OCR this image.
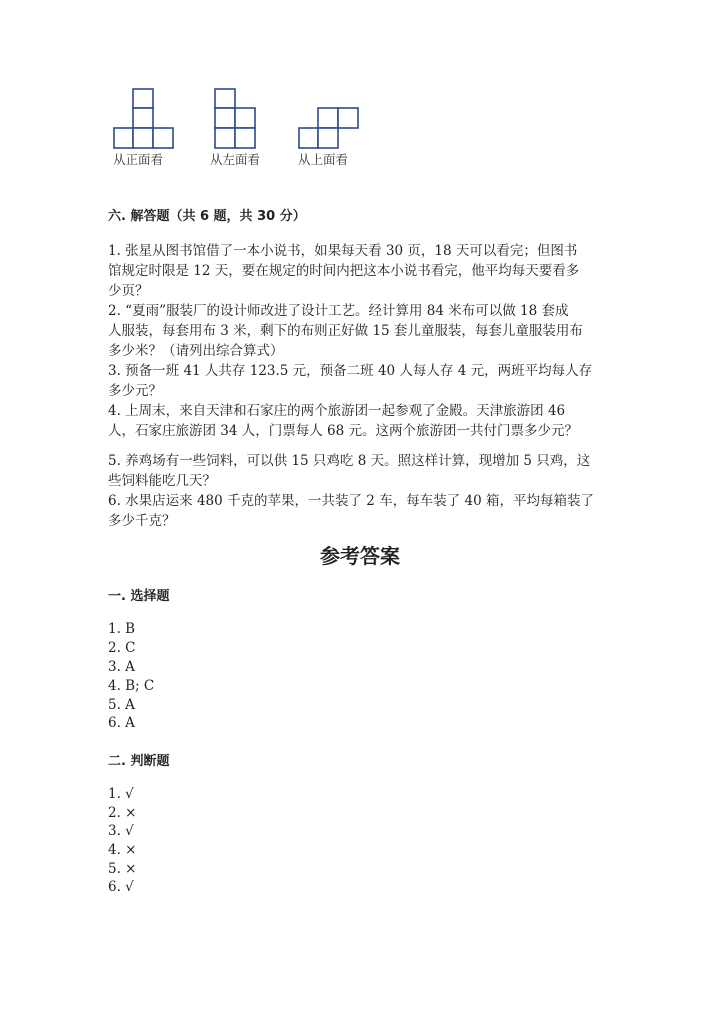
从正面看	从左面看	从上面看
六. 解答题（共 6 题，共 30 分）
1. 张星从图书馆借了一本小说书，如果每天看 30 页，18 天可以看完；但图书
馆规定时限是 12 天，要在规定的时间内把这本小说书看完，他平均每天要看多
少页？
2. “夏雨”服装厂的设计师改进了设计工艺。经计算用 84 米布可以做 18 套成
人服装，每套用布 3 米，剩下的布则正好做 15 套儿童服装，每套儿童服装用布
多少米？（请列出综合算式）
3. 预备一班 41 人共存 123.5 元，预备二班 40 人每人存 4 元，两班平均每人存
多少元？
4. 上周末，来自天津和石家庄的两个旅游团一起参观了金殿。天津旅游团 46
人，石家庄旅游团 34 人，门票每人 68 元。这两个旅游团一共付门票多少元？
5. 养鸡场有一些饲料，可以供 15 只鸡吃 8 天。照这样计算，现增加 5 只鸡，这
些饲料能吃几天？
6. 水果店运来 480 千克的苹果，一共装了 2 车，每车装了 40 箱，平均每箱装了
多少千克？
参考答案
一. 选择题
1. B
2. C
3. A
4. B; C
5. A
6. A
二. 判断题
1. √
2. ×
3. √
4. ×
5. ×
6. √
